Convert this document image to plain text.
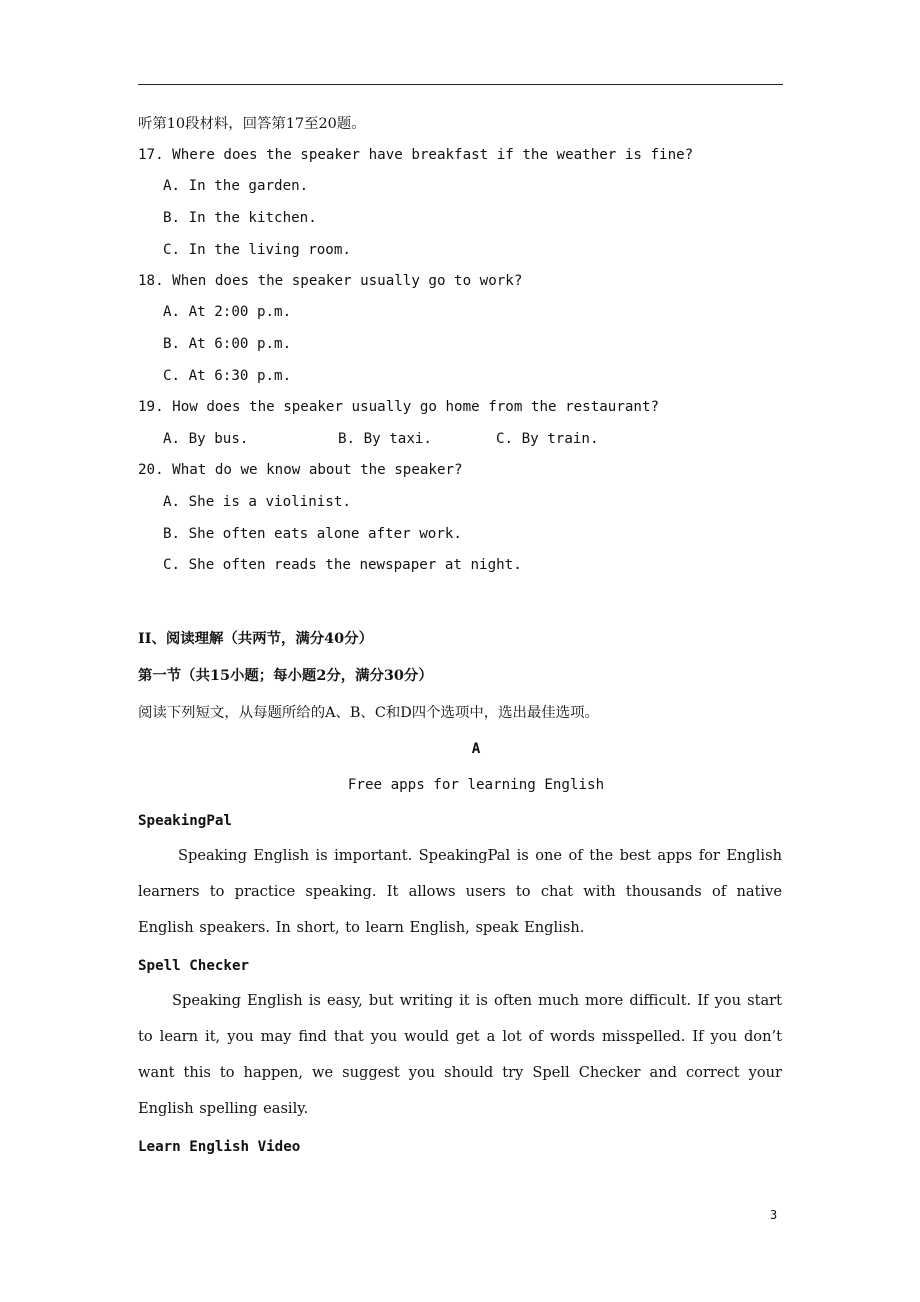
听第10段材料，回答第17至20题。
17. Where does the speaker have breakfast if the weather is fine?
A. In the garden.
B. In the kitchen.
C. In the living room.
18. When does the speaker usually go to work?
A. At 2:00 p.m.
B. At 6:00 p.m.
C. At 6:30 p.m.
19. How does the speaker usually go home from the restaurant?
A. By bus.	B. By taxi.	C. By train.
20. What do we know about the speaker?
A. She is a violinist.
B. She often eats alone after work.
C. She often reads the newspaper at night.
II、阅读理解（共两节，满分40分）
第一节（共15小题；每小题2分，满分30分）
阅读下列短文，从每题所给的A、B、C和D四个选项中，选出最佳选项。
A
Free apps for learning English
SpeakingPal
Speaking English is important. SpeakingPal is one of the best apps for English learners to practice speaking. It allows users to chat with thousands of native English speakers. In short, to learn English, speak English.
Spell Checker
Speaking English is easy, but writing it is often much more difficult. If you start to learn it, you may find that you would get a lot of words misspelled. If you don’t want this to happen, we suggest you should try Spell Checker and correct your English spelling easily.
Learn English Video
3
